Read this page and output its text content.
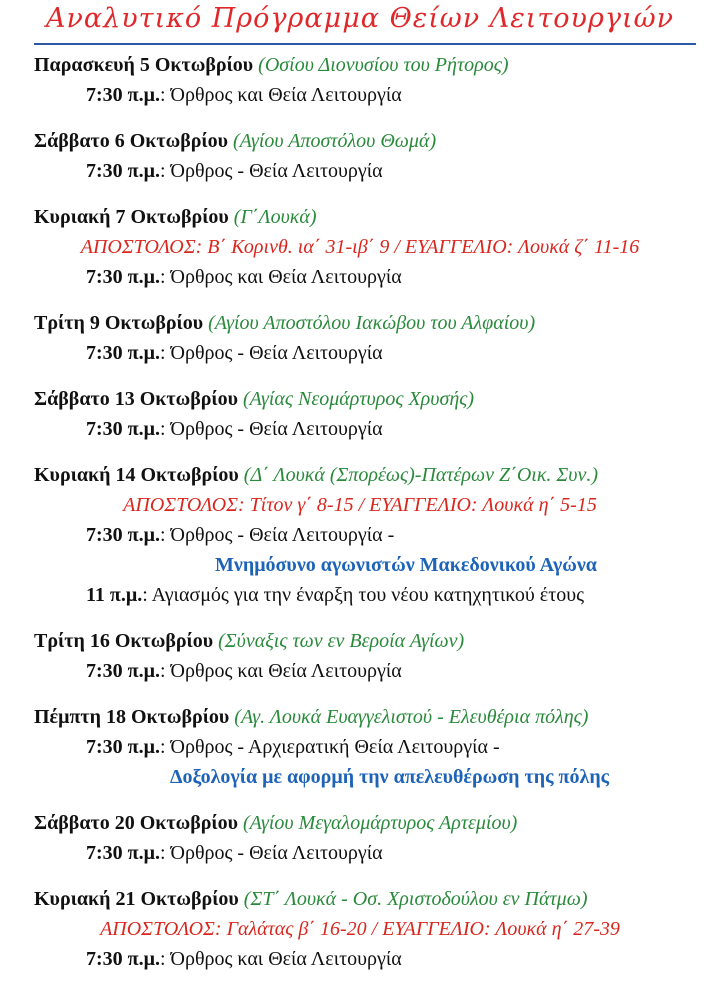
Αναλυτικό Πρόγραμμα Θείων Λειτουργιών
Παρασκευή 5 Οκτωβρίου (Οσίου Διονυσίου του Ρήτορος)
7:30 π.μ.: Όρθρος και Θεία Λειτουργία
Σάββατο 6 Οκτωβρίου (Αγίου Αποστόλου Θωμά)
7:30 π.μ.: Όρθρος - Θεία Λειτουργία
Κυριακή 7 Οκτωβρίου (Γ΄Λουκά)
ΑΠΟΣΤΟΛΟΣ: Β΄ Κορινθ. ια΄ 31-ιβ΄ 9 / ΕΥΑΓΓΕΛΙΟ: Λουκά ζ΄ 11-16
7:30 π.μ.: Όρθρος και Θεία Λειτουργία
Τρίτη 9 Οκτωβρίου (Αγίου Αποστόλου Ιακώβου του Αλφαίου)
7:30 π.μ.: Όρθρος - Θεία Λειτουργία
Σάββατο 13 Οκτωβρίου (Αγίας Νεομάρτυρος Χρυσής)
7:30 π.μ.: Όρθρος - Θεία Λειτουργία
Κυριακή 14 Οκτωβρίου (Δ΄ Λουκά (Σπορέως)-Πατέρων Ζ΄Οικ. Συν.)
ΑΠΟΣΤΟΛΟΣ: Τίτον γ΄ 8-15 / ΕΥΑΓΓΕΛΙΟ: Λουκά η΄ 5-15
7:30 π.μ.: Όρθρος - Θεία Λειτουργία -
Μνημόσυνο αγωνιστών Μακεδονικού Αγώνα
11 π.μ.: Αγιασμός για την έναρξη του νέου κατηχητικού έτους
Τρίτη 16 Οκτωβρίου (Σύναξις των εν Βεροία Αγίων)
7:30 π.μ.: Όρθρος και Θεία Λειτουργία
Πέμπτη 18 Οκτωβρίου (Αγ. Λουκά Ευαγγελιστού - Ελευθέρια πόλης)
7:30 π.μ.: Όρθρος - Αρχιερατική Θεία Λειτουργία -
Δοξολογία με αφορμή την απελευθέρωση της πόλης
Σάββατο 20 Οκτωβρίου (Αγίου Μεγαλομάρτυρος Αρτεμίου)
7:30 π.μ.: Όρθρος - Θεία Λειτουργία
Κυριακή 21 Οκτωβρίου (ΣΤ΄ Λουκά - Οσ. Χριστοδούλου εν Πάτμω)
ΑΠΟΣΤΟΛΟΣ: Γαλάτας β΄ 16-20 / ΕΥΑΓΓΕΛΙΟ: Λουκά η΄ 27-39
7:30 π.μ.: Όρθρος και Θεία Λειτουργία
